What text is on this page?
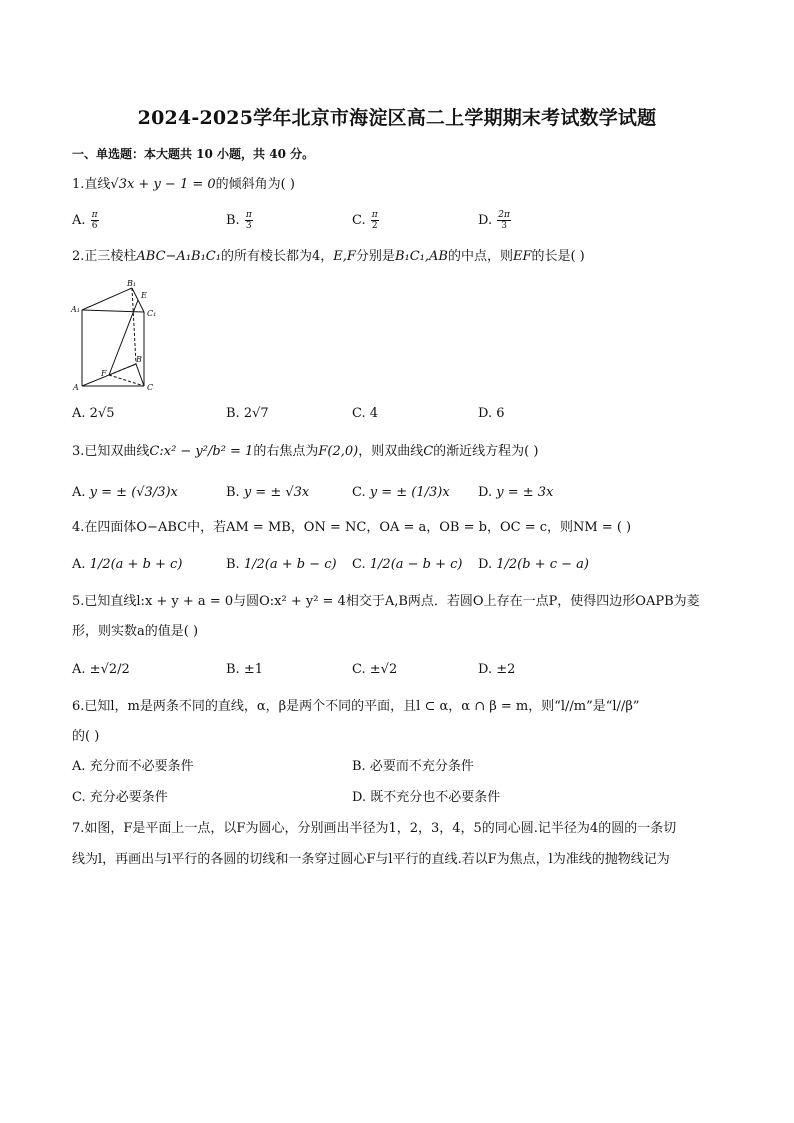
2024-2025学年北京市海淀区高二上学期期末考试数学试题
一、单选题：本大题共 10 小题，共 40 分。
1.直线√3x + y − 1 = 0的倾斜角为( )
A. $\frac{\pi}{6}$	B. $\frac{\pi}{3}$	C. $\frac{\pi}{2}$	D. $\frac{2\pi}{3}$
2.正三棱柱ABC−A₁B₁C₁的所有棱长都为4，E,F分别是B₁C₁,AB的中点，则EF的长是( )
A₁
B₁
E
C₁
A
B
C
F
A. 2√5	B. 2√7	C. 4	D. 6
3.已知双曲线C:x² − y²/b² = 1的右焦点为F(2,0)，则双曲线C的渐近线方程为( )
A. y = ± (√3/3)x	B. y = ± √3x	C. y = ± (1/3)x D. y = ± 3x
4.在四面体O−ABC中，若AM = MB，ON = NC，OA = a，OB = b，OC = c，则NM = ( )
A. 1/2(a + b + c)	B. 1/2(a + b − c) C. 1/2(a − b + c) D. 1/2(b + c − a)
5.已知直线l:x + y + a = 0与圆O:x² + y² = 4相交于A,B两点．若圆O上存在一点P，使得四边形OAPB为菱
形，则实数a的值是( )
A. ±√2/2	B. ±1	C. ±√2	D. ±2
6.已知l，m是两条不同的直线，α，β是两个不同的平面，且l ⊂ α，α ∩ β = m，则“l//m”是“l//β”
的( )
A. 充分而不必要条件	B. 必要而不充分条件
C. 充分必要条件	D. 既不充分也不必要条件
7.如图，F是平面上一点，以F为圆心，分别画出半径为1，2，3，4，5的同心圆.记半径为4的圆的一条切
线为l，再画出与l平行的各圆的切线和一条穿过圆心F与l平行的直线.若以F为焦点，l为准线的抛物线记为
